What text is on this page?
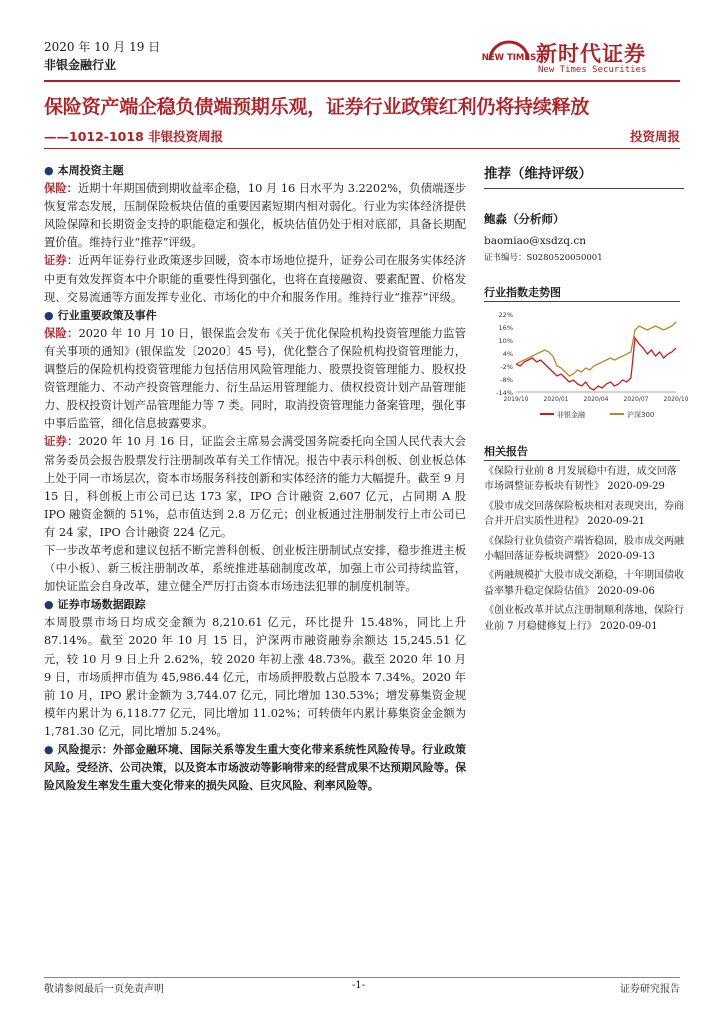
2020 年 10 月 19 日
非银金融行业	NEW TIMES 新时代证券
New Times Securities
保险资产端企稳负债端预期乐观，证券行业政策红利仍将持续释放
——1012-1018 非银投资周报	投资周报

● 本周投资主题

保险：近期十年期国债到期收益率企稳，10 月 16 日水平为 3.2202%，负债端逐步恢复常态发展，压制保险板块估值的重要因素短期内相对弱化。行业为实体经济提供风险保障和长期资金支持的职能稳定和强化，板块估值仍处于相对底部，具备长期配置价值。维持行业“推荐”评级。

证券：近两年证券行业政策逐步回暖，资本市场地位提升，证券公司在服务实体经济中更有效发挥资本中介职能的重要性得到强化，也将在直接融资、要素配置、价格发现、交易流通等方面发挥专业化、市场化的中介和服务作用。维持行业“推荐”评级。

● 行业重要政策及事件

保险：2020 年 10 月 10 日，银保监会发布《关于优化保险机构投资管理能力监管有关事项的通知》(银保监发〔2020〕45 号)，优化整合了保险机构投资管理能力，调整后的保险机构投资管理能力包括信用风险管理能力、股票投资管理能力、股权投资管理能力、不动产投资管理能力、衍生品运用管理能力、债权投资计划产品管理能力、股权投资计划产品管理能力等 7 类。同时，取消投资管理能力备案管理，强化事中事后监管，细化信息披露要求。

证券：2020 年 10 月 16 日，证监会主席易会满受国务院委托向全国人民代表大会常务委员会报告股票发行注册制改革有关工作情况。报告中表示科创板、创业板总体上处于同一市场层次，资本市场服务科技创新和实体经济的能力大幅提升。截至 9 月 15 日，科创板上市公司已达 173 家，IPO 合计融资 2,607 亿元，占同期 A 股 IPO 融资金额的 51%，总市值达到 2.8 万亿元；创业板通过注册制发行上市公司已有 24 家，IPO 合计融资 224 亿元。

下一步改革考虑和建议包括不断完善科创板、创业板注册制试点安排，稳步推进主板（中小板）、新三板注册制改革，系统推进基础制度改革，加强上市公司持续监管，加快证监会自身改革，建立健全严厉打击资本市场违法犯罪的制度机制等。

● 证券市场数据跟踪

本周股票市场日均成交金额为 8,210.61 亿元，环比提升 15.48%，同比上升 87.14%。截至 2020 年 10 月 15 日，沪深两市融资融券余额达 15,245.51 亿元，较 10 月 9 日上升 2.62%，较 2020 年初上涨 48.73%。截至 2020 年 10 月 9 日，市场质押市值为 45,986.44 亿元，市场质押股数占总股本 7.34%。2020 年前 10 月，IPO 累计金额为 3,744.07 亿元，同比增加 130.53%；增发募集资金规模年内累计为 6,118.77 亿元，同比增加 11.02%；可转债年内累计募集资金金额为 1,781.30 亿元，同比增加 5.24%。

● 风险提示：外部金融环境、国际关系等发生重大变化带来系统性风险传导。行业政策风险。受经济、公司决策，以及资本市场波动等影响带来的经营成果不达预期风险等。保险风险发生率发生重大变化带来的损失风险、巨灾风险、利率风险等。

推荐（维持评级）
鲍淼（分析师）
baomiao@xsdzq.cn
证书编号：S0280520050001
行业指数走势图
22%
16%
10%
4%
-2%
-8%
-14%
2019/10	2020/01	2020/04	2020/07	2020/10
非银金融	沪深300
相关报告
《保险行业前 8 月发展稳中有进，成交回落市场调整证券板块有韧性》 2020-09-29
《股市成交回落保险板块相对表现突出，券商合并开启实质性进程》 2020-09-21
《保险行业负债资产端皆稳固，股市成交两融小幅回落证券板块调整》 2020-09-13
《两融规模扩大股市成交渐稳，十年期国债收益率攀升稳定保险估值》 2020-09-06
《创业板改革并试点注册制顺利落地，保险行业前 7 月稳健修复上行》 2020-09-01
敬请参阅最后一页免责声明	-1-	证券研究报告
